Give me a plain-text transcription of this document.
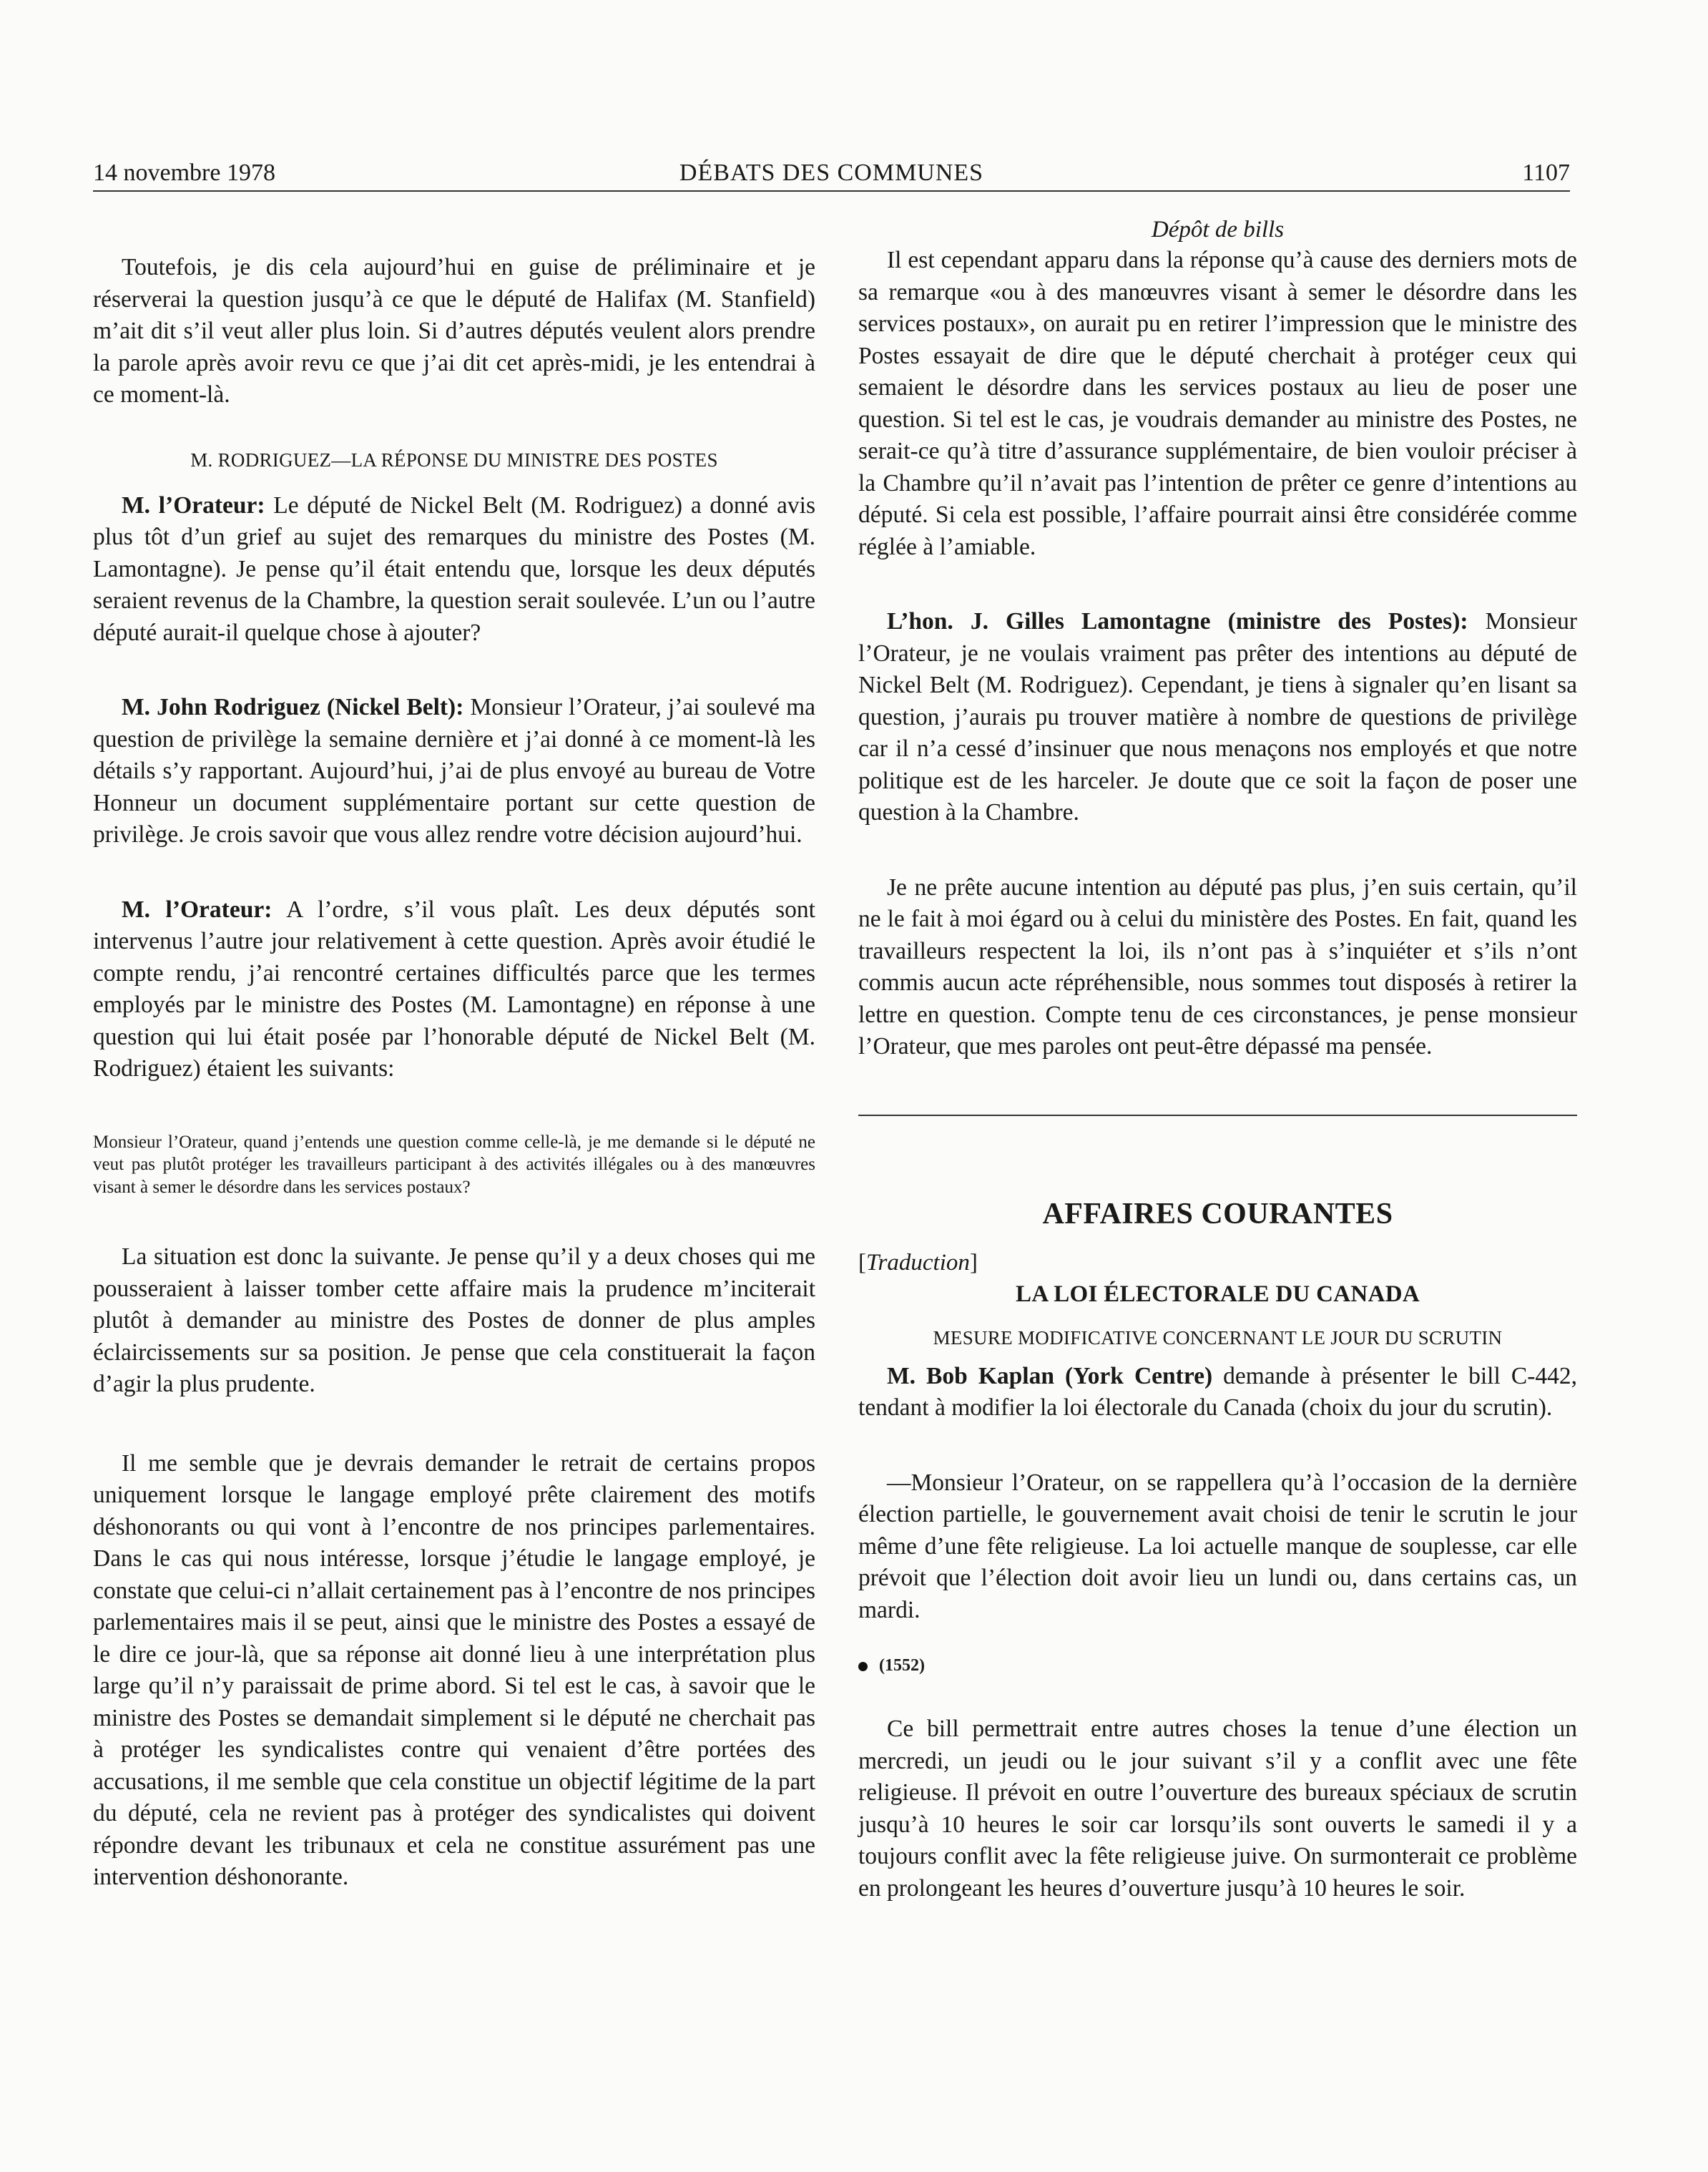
14 novembre 1978	DÉBATS DES COMMUNES	1107

Toutefois, je dis cela aujourd’hui en guise de préliminaire et je réserverai la question jusqu’à ce que le député de Halifax (M. Stanfield) m’ait dit s’il veut aller plus loin. Si d’autres députés veulent alors prendre la parole après avoir revu ce que j’ai dit cet après-midi, je les entendrai à ce moment-là.

M. RODRIGUEZ—LA RÉPONSE DU MINISTRE DES POSTES

M. l’Orateur: Le député de Nickel Belt (M. Rodriguez) a donné avis plus tôt d’un grief au sujet des remarques du ministre des Postes (M. Lamontagne). Je pense qu’il était entendu que, lorsque les deux députés seraient revenus de la Chambre, la question serait soulevée. L’un ou l’autre député aurait-il quelque chose à ajouter?

M. John Rodriguez (Nickel Belt): Monsieur l’Orateur, j’ai soulevé ma question de privilège la semaine dernière et j’ai donné à ce moment-là les détails s’y rapportant. Aujourd’hui, j’ai de plus envoyé au bureau de Votre Honneur un document supplémentaire portant sur cette question de privilège. Je crois savoir que vous allez rendre votre décision aujourd’hui.

M. l’Orateur: A l’ordre, s’il vous plaît. Les deux députés sont intervenus l’autre jour relativement à cette question. Après avoir étudié le compte rendu, j’ai rencontré certaines difficultés parce que les termes employés par le ministre des Postes (M. Lamontagne) en réponse à une question qui lui était posée par l’honorable député de Nickel Belt (M. Rodriguez) étaient les suivants:

Monsieur l’Orateur, quand j’entends une question comme celle-là, je me demande si le député ne veut pas plutôt protéger les travailleurs participant à des activités illégales ou à des manœuvres visant à semer le désordre dans les services postaux?

La situation est donc la suivante. Je pense qu’il y a deux choses qui me pousseraient à laisser tomber cette affaire mais la prudence m’inciterait plutôt à demander au ministre des Postes de donner de plus amples éclaircissements sur sa position. Je pense que cela constituerait la façon d’agir la plus prudente.

Il me semble que je devrais demander le retrait de certains propos uniquement lorsque le langage employé prête clairement des motifs déshonorants ou qui vont à l’encontre de nos principes parlementaires. Dans le cas qui nous intéresse, lorsque j’étudie le langage employé, je constate que celui-ci n’allait certainement pas à l’encontre de nos principes parlementaires mais il se peut, ainsi que le ministre des Postes a essayé de le dire ce jour-là, que sa réponse ait donné lieu à une interprétation plus large qu’il n’y paraissait de prime abord. Si tel est le cas, à savoir que le ministre des Postes se demandait simplement si le député ne cherchait pas à protéger les syndicalistes contre qui venaient d’être portées des accusations, il me semble que cela constitue un objectif légitime de la part du député, cela ne revient pas à protéger des syndicalistes qui doivent répondre devant les tribunaux et cela ne constitue assurément pas une intervention déshonorante.

Dépôt de bills

Il est cependant apparu dans la réponse qu’à cause des derniers mots de sa remarque «ou à des manœuvres visant à semer le désordre dans les services postaux», on aurait pu en retirer l’impression que le ministre des Postes essayait de dire que le député cherchait à protéger ceux qui semaient le désordre dans les services postaux au lieu de poser une question. Si tel est le cas, je voudrais demander au ministre des Postes, ne serait-ce qu’à titre d’assurance supplémentaire, de bien vouloir préciser à la Chambre qu’il n’avait pas l’intention de prêter ce genre d’intentions au député. Si cela est possible, l’affaire pourrait ainsi être considérée comme réglée à l’amiable.

L’hon. J. Gilles Lamontagne (ministre des Postes): Monsieur l’Orateur, je ne voulais vraiment pas prêter des intentions au député de Nickel Belt (M. Rodriguez). Cependant, je tiens à signaler qu’en lisant sa question, j’aurais pu trouver matière à nombre de questions de privilège car il n’a cessé d’insinuer que nous menaçons nos employés et que notre politique est de les harceler. Je doute que ce soit la façon de poser une question à la Chambre.

Je ne prête aucune intention au député pas plus, j’en suis certain, qu’il ne le fait à moi égard ou à celui du ministère des Postes. En fait, quand les travailleurs respectent la loi, ils n’ont pas à s’inquiéter et s’ils n’ont commis aucun acte répréhensible, nous sommes tout disposés à retirer la lettre en question. Compte tenu de ces circonstances, je pense monsieur l’Orateur, que mes paroles ont peut-être dépassé ma pensée.

AFFAIRES COURANTES

[Traduction]

LA LOI ÉLECTORALE DU CANADA

MESURE MODIFICATIVE CONCERNANT LE JOUR DU SCRUTIN

M. Bob Kaplan (York Centre) demande à présenter le bill C-442, tendant à modifier la loi électorale du Canada (choix du jour du scrutin).

—Monsieur l’Orateur, on se rappellera qu’à l’occasion de la dernière élection partielle, le gouvernement avait choisi de tenir le scrutin le jour même d’une fête religieuse. La loi actuelle manque de souplesse, car elle prévoit que l’élection doit avoir lieu un lundi ou, dans certains cas, un mardi.

(1552)

Ce bill permettrait entre autres choses la tenue d’une élection un mercredi, un jeudi ou le jour suivant s’il y a conflit avec une fête religieuse. Il prévoit en outre l’ouverture des bureaux spéciaux de scrutin jusqu’à 10 heures le soir car lorsqu’ils sont ouverts le samedi il y a toujours conflit avec la fête religieuse juive. On surmonterait ce problème en prolongeant les heures d’ouverture jusqu’à 10 heures le soir.
